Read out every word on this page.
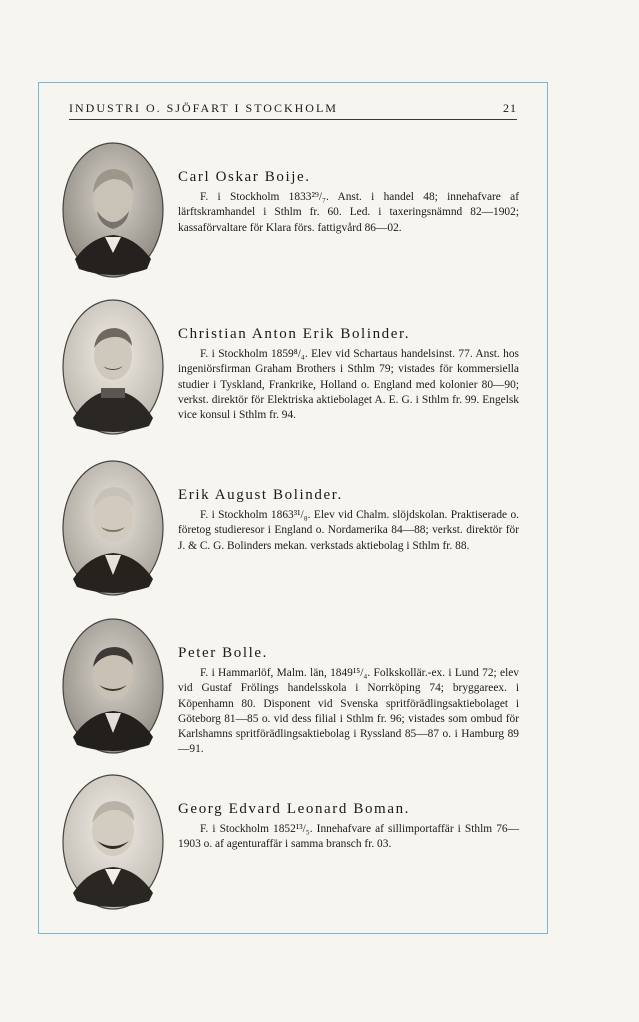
INDUSTRI O. SJÖFART I STOCKHOLM	21
Carl Oskar Boije.

F. i Stockholm 1833²⁹/₇. Anst. i handel 48; innehafvare af lärftskramhandel i Sthlm fr. 60. Led. i taxeringsnämnd 82—1902; kassaförvaltare för Klara förs. fattigvård 86—02.

Christian Anton Erik Bolinder.

F. i Stockholm 1859⁸/₄. Elev vid Schartaus handelsinst. 77. Anst. hos ingeniörsfirman Graham Brothers i Sthlm 79; vistades för kommersiella studier i Tyskland, Frankrike, Holland o. England med kolonier 80—90; verkst. direktör för Elektriska aktiebolaget A. E. G. i Sthlm fr. 99. Engelsk vice konsul i Sthlm fr. 94.

Erik August Bolinder.

F. i Stockholm 1863³¹/₈. Elev vid Chalm. slöjdskolan. Praktiserade o. företog studieresor i England o. Nordamerika 84—88; verkst. direktör för J. & C. G. Bolinders mekan. verkstads aktiebolag i Sthlm fr. 88.

Peter Bolle.

F. i Hammarlöf, Malm. län, 1849¹⁵/₄. Folkskollär.-ex. i Lund 72; elev vid Gustaf Frölings handelsskola i Norrköping 74; bryggareex. i Köpenhamn 80. Disponent vid Svenska spritförädlingsaktiebolaget i Göteborg 81—85 o. vid dess filial i Sthlm fr. 96; vistades som ombud för Karlshamns spritförädlingsaktiebolag i Ryssland 85—87 o. i Hamburg 89—91.

Georg Edvard Leonard Boman.

F. i Stockholm 1852¹³/₅. Innehafvare af sillimportaffär i Sthlm 76—1903 o. af agenturaffär i samma bransch fr. 03.
